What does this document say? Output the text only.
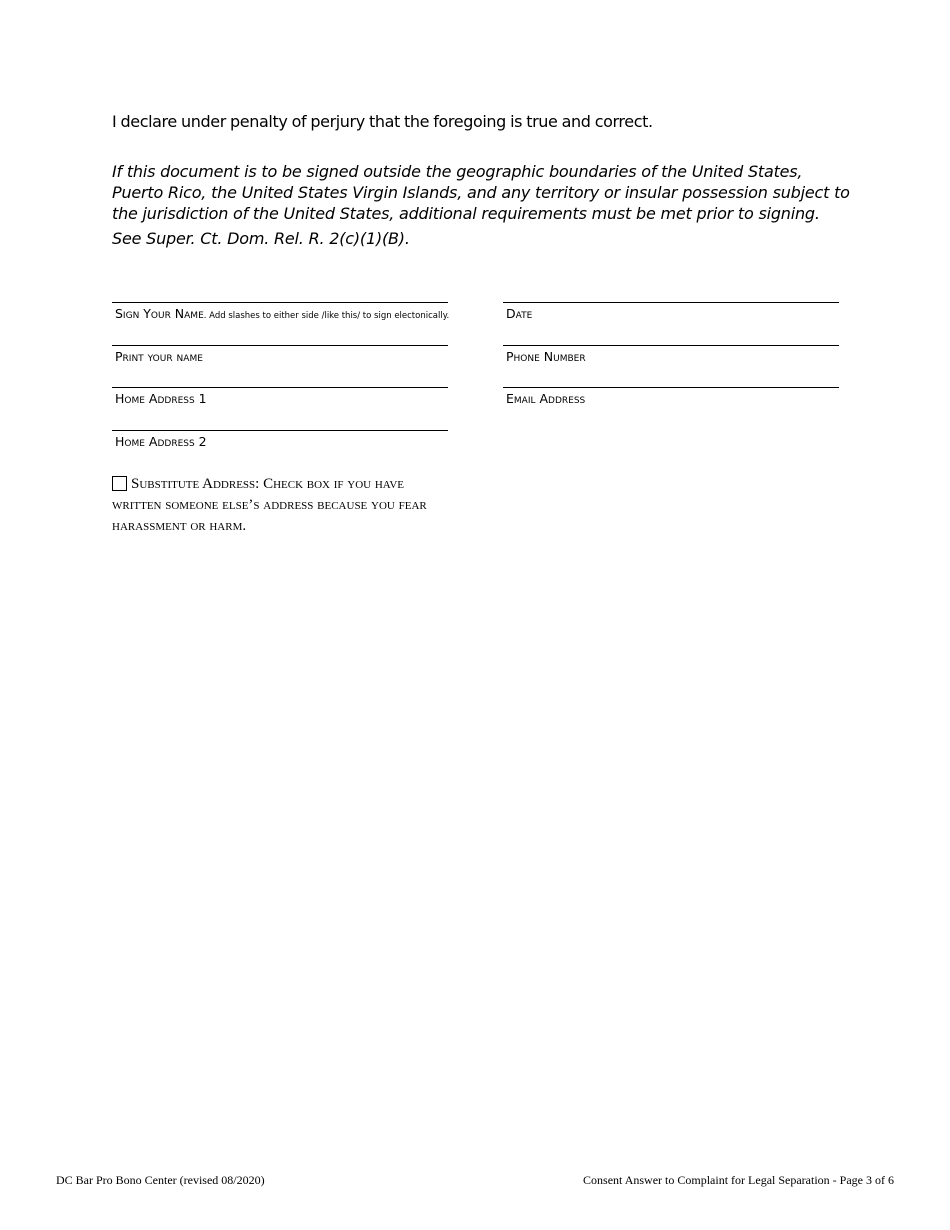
I declare under penalty of perjury that the foregoing is true and correct.

If this document is to be signed outside the geographic boundaries of the United States, Puerto Rico, the United States Virgin Islands, and any territory or insular possession subject to the jurisdiction of the United States, additional requirements must be met prior to signing.

See Super. Ct. Dom. Rel. R. 2(c)(1)(B).

Sign Your Name. Add slashes to either side /like this/ to sign electonically.	Date
Print your name	Phone Number
Home Address 1	Email Address
Home Address 2
Substitute Address: Check box if you have written someone else’s address because you fear harassment or harm.
DC Bar Pro Bono Center (revised 08/2020)	Consent Answer to Complaint for Legal Separation - Page 3 of 6
